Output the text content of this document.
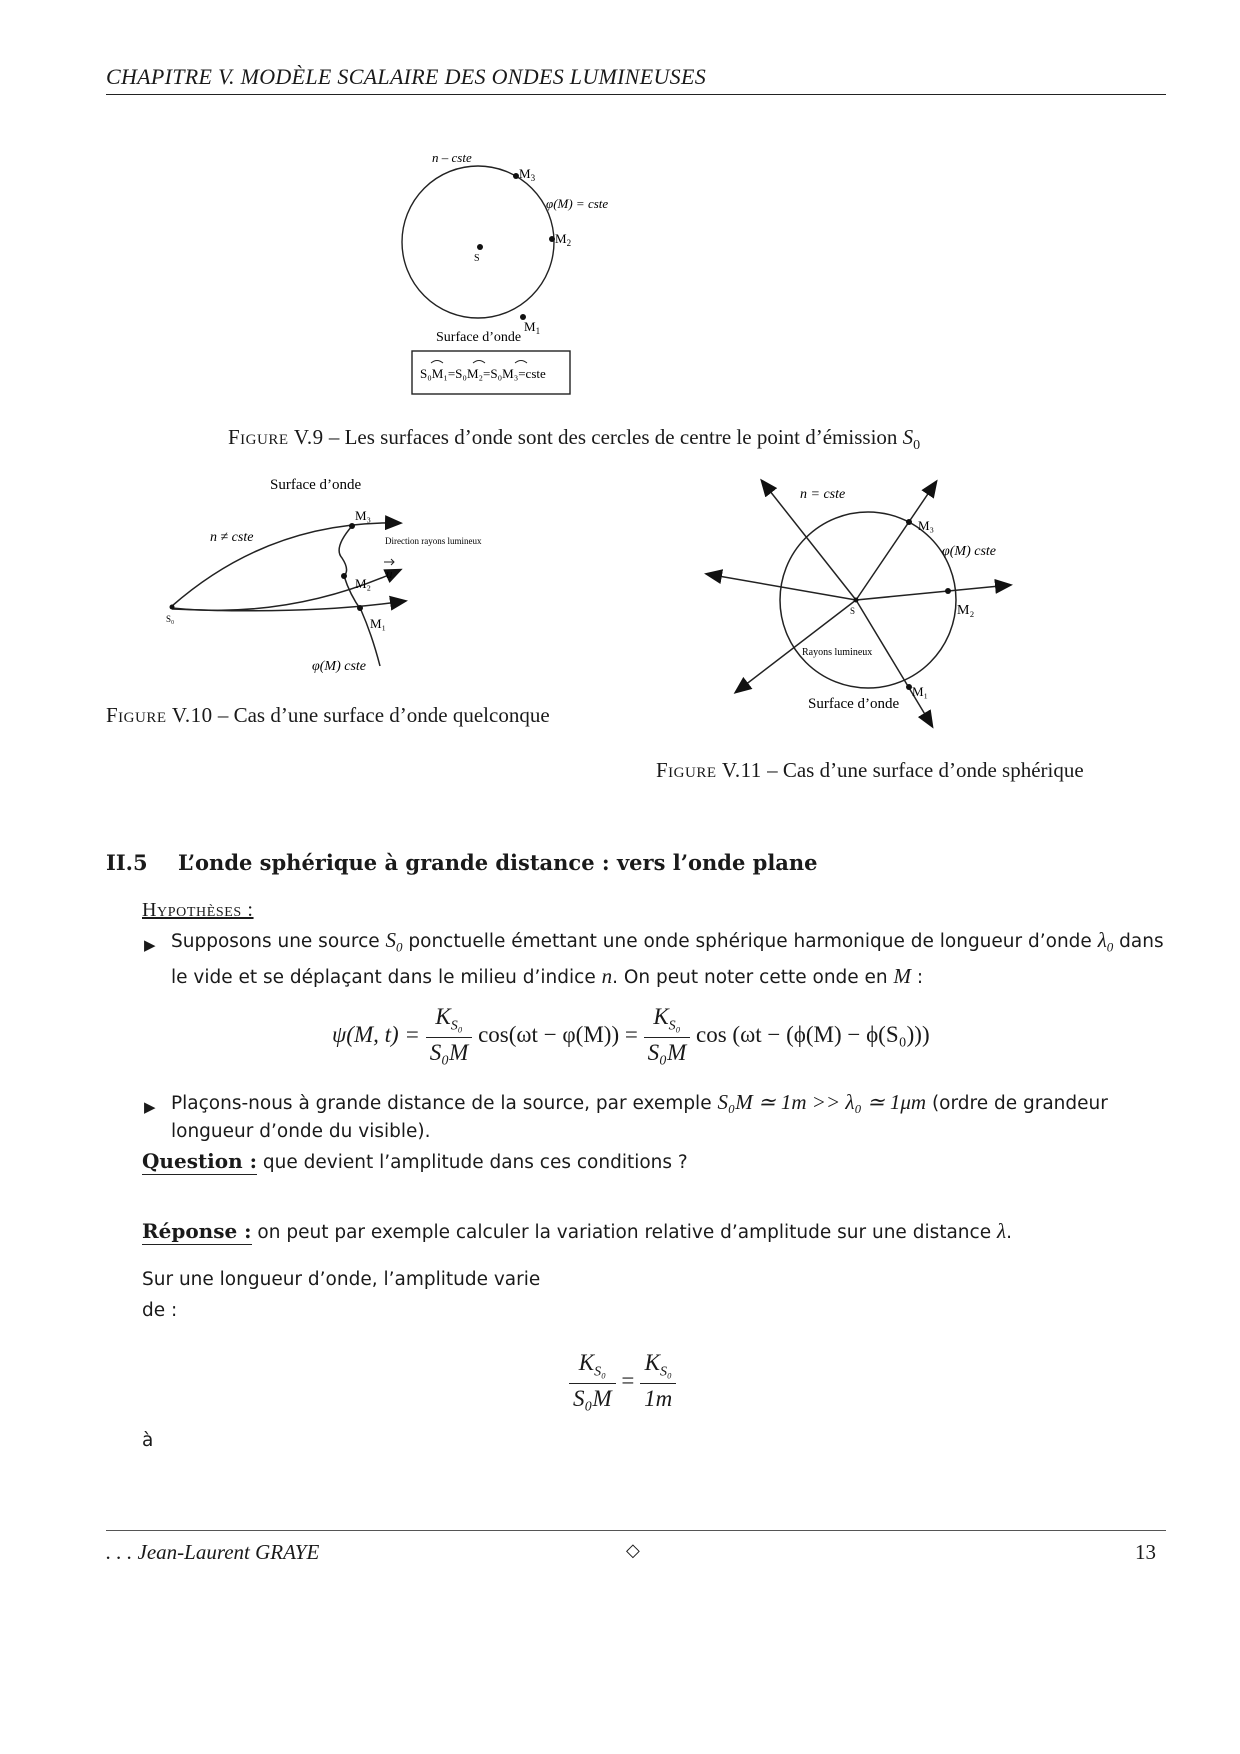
CHAPITRE V. MODÈLE SCALAIRE DES ONDES LUMINEUSES
S
n – cste
$M_3$
φ(M) = cste
$M_2$
$M_1$
Surface d’onde
S₀M₁=S₀M₂=S₀M₃=cste
Figure V.9 – Les surfaces d’onde sont des cercles de centre le point d’émission $S_0$
Surface d’onde
M₃
n ≠ cste	Direction rayons lumineux
M₂
u
S₀	M₁
φ(M) cste
Figure V.10 – Cas d’une surface d’onde quelconque
n = cste
M₃
φ(M) cste
S	M₂
Rayons lumineux
M₁
Surface d’onde
Figure V.11 – Cas d’une surface d’onde sphérique
II.5 L’onde sphérique à grande distance : vers l’onde plane
Hypothèses :
▶ Supposons une source $S_0$ ponctuelle émettant une onde sphérique harmonique de longueur d’onde $\lambda_0$ dans
le vide et se déplaçant dans le milieu d’indice n. On peut noter cette onde en M :
ψ(M, $t) = \frac{K_{S_0}}{\text{S₀M}} \cos(\omega t - \varphi(M)) = \frac{K_{S_0}}{\text{S₀M}}$ cos (ωt − (ϕ(M) − ϕ(S₀)))
▶ Plaçons-nous à grande distance de la source, par exemple S₀M ≃ 1m >> λ₀ ≃ 1μm (ordre de grandeur
longueur d’onde du visible).
Question : que devient l’amplitude dans ces conditions ?
Réponse : on peut par exemple calculer la variation relative d’amplitude sur une distance λ.
Sur une longueur d’onde, l’amplitude varie
de :
$\frac{K_{S_0}}{\text{S₀M}} = \frac{K_{S_0}}{1m}$
à
. . . Jean-Laurent GRAYE	◇	13
